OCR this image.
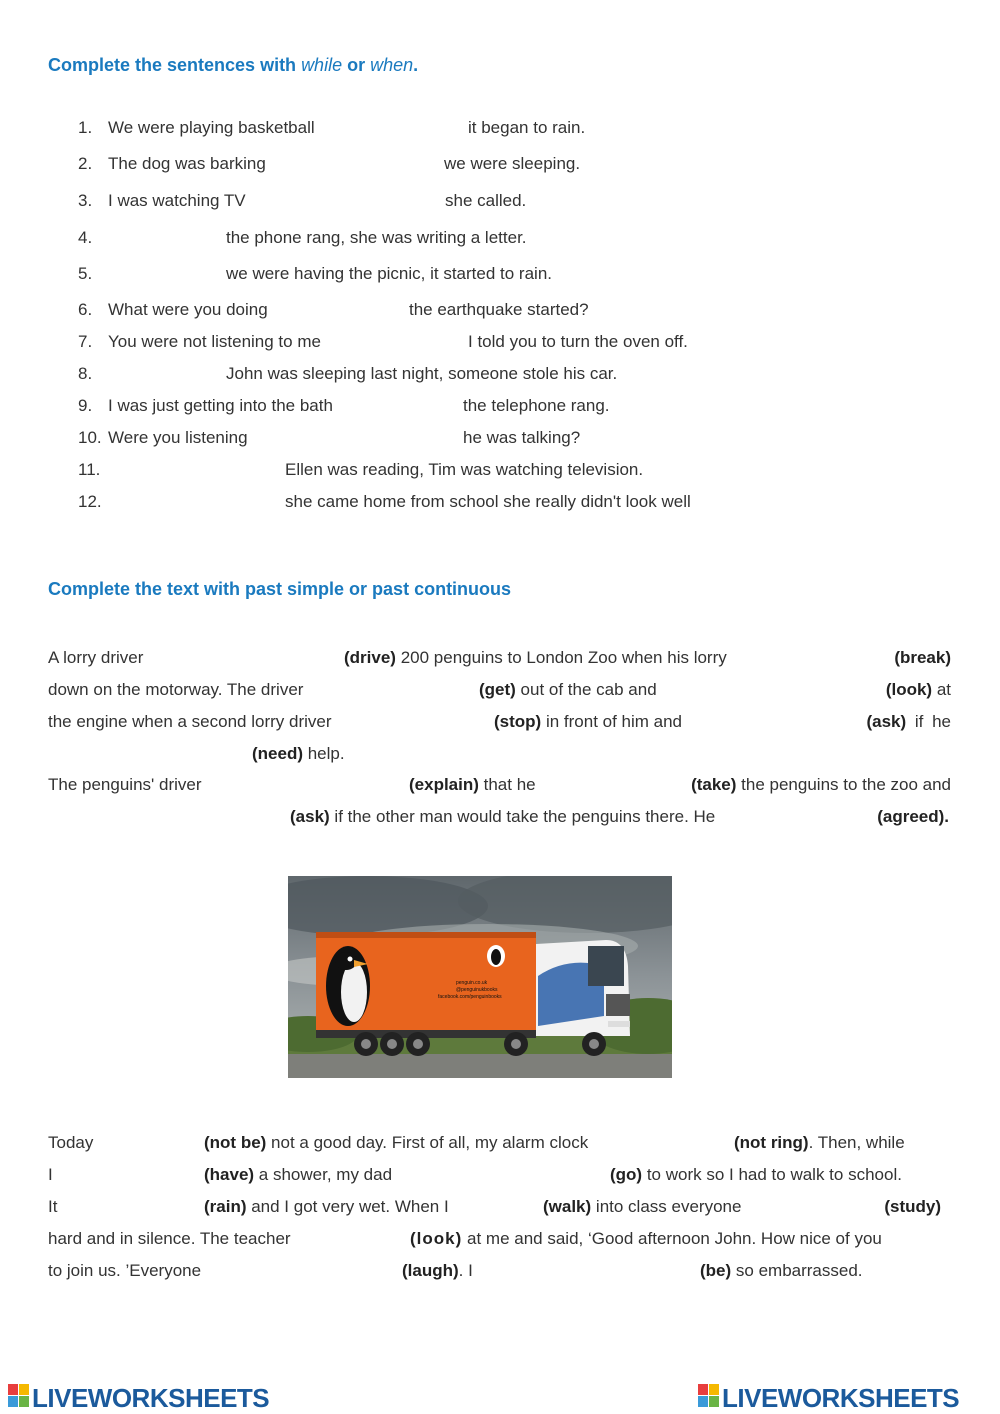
Complete the sentences with while or when.
1. We were playing basketball	it began to rain.
2. The dog was barking	we were sleeping.
3. I was watching TV	she called.
4.	the phone rang, she was writing a letter.
5.	we were having the picnic, it started to rain.
6. What were you doing	the earthquake started?
7. You were not listening to me	I told you to turn the oven off.
8.	John was sleeping last night, someone stole his car.
9. I was just getting into the bath	the telephone rang.
10. Were you listening	he was talking?
11.	Ellen was reading, Tim was watching television.
12.	she came home from school she really didn't look well
Complete the text with past simple or past continuous
A lorry driver	(drive) 200 penguins to London Zoo when his lorry	(break)
down on the motorway. The driver	(get) out of the cab and	(look) at
the engine when a second lorry driver	(stop) in front of him and	(ask) if he
(need) help.
The penguins' driver	(explain) that he	(take) the penguins to the zoo and
(ask) if the other man would take the penguins there. He	(agreed).
penguin.co.uk
@penguinukbooks
facebook.com/penguinbooks
Today	(not be) not a good day. First of all, my alarm clock	(not ring). Then, while
I	(have) a shower, my dad	(go) to work so I had to walk to school.
It	(rain) and I got very wet. When I	(walk) into class everyone	(study)
hard and in silence. The teacher	(look) at me and said, ‘Good afternoon John. How nice of you
to join us. ’Everyone	(laugh). I	(be) so embarrassed.
LIVEWORKSHEETS	LIVEWORKSHEETS
